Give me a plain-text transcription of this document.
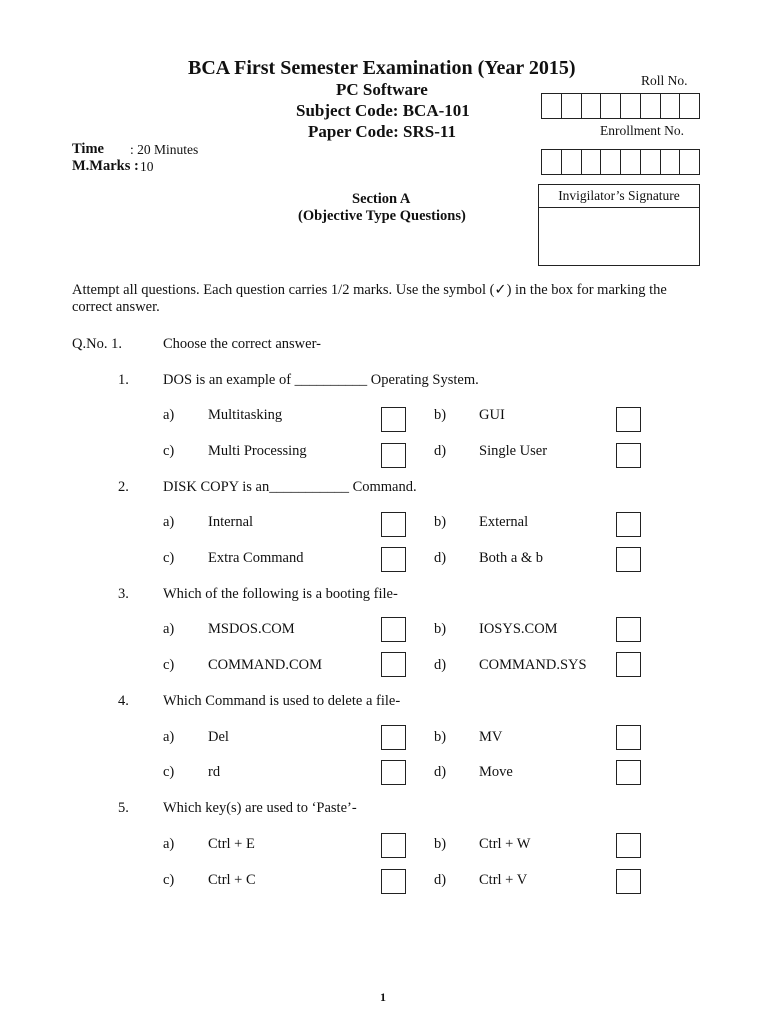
BCA First Semester Examination (Year 2015)
PC Software
Subject Code: BCA-101
Paper Code: SRS-11
Roll No.
Enrollment No.
Invigilator’s Signature
Time : 20 Minutes
M.Marks : 10
Section A
(Objective Type Questions)
Attempt all questions. Each question carries 1/2 marks. Use the symbol (✓) in the box for marking the correct answer.
Q.No. 1.	Choose the correct answer-
1. DOS is an example of __________ Operating System.
a) Multitasking	b) GUI
c) Multi Processing	d) Single User
2. DISK COPY is an___________ Command.
a) Internal	b) External
c) Extra Command	d) Both a & b
3. Which of the following is a booting file-
a) MSDOS.COM	b) IOSYS.COM
c) COMMAND.COM	d) COMMAND.SYS
4. Which Command is used to delete a file-
a) Del	b) MV
c) rd	d) Move
5. Which key(s) are used to ‘Paste’-
a) Ctrl + E	b) Ctrl + W
c) Ctrl + C	d) Ctrl + V
1
